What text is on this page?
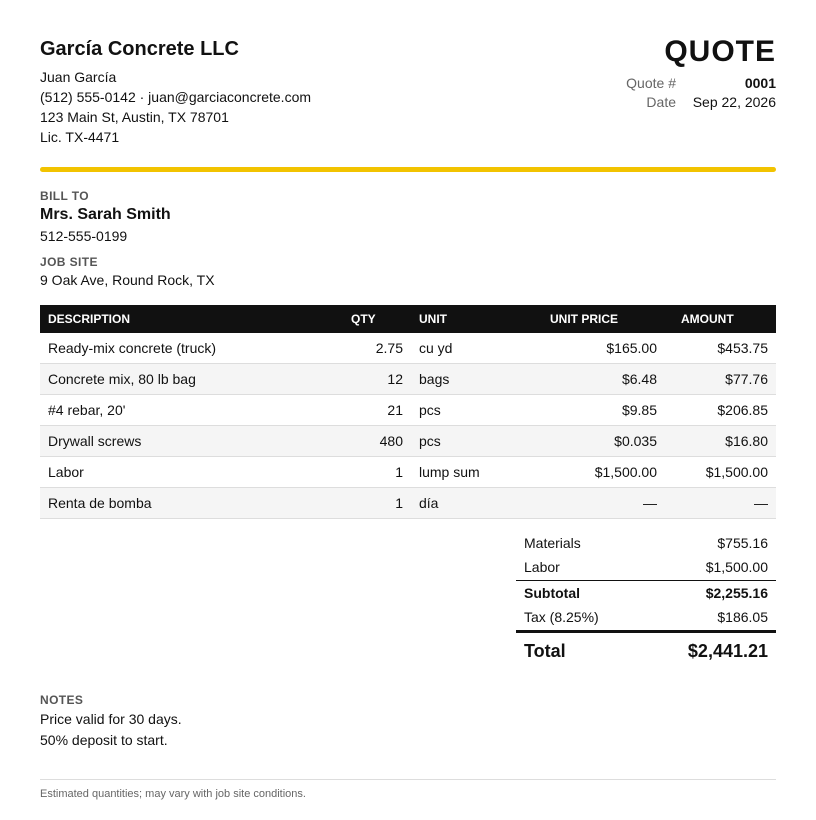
García Concrete LLC
Juan García
(512) 555-0142 · juan@garciaconcrete.com
123 Main St, Austin, TX 78701
Lic. TX-4471
QUOTE
Quote #	0001
Date	Sep 22, 2026
BILL TO
Mrs. Sarah Smith
512-555-0199
JOB SITE
9 Oak Ave, Round Rock, TX
DESCRIPTION	QTY	UNIT	UNIT PRICE	AMOUNT
Ready-mix concrete (truck)	2.75	cu yd	$165.00	$453.75
Concrete mix, 80 lb bag	12	bags	$6.48	$77.76
#4 rebar, 20'	21	pcs	$9.85	$206.85
Drywall screws	480	pcs	$0.035	$16.80
Labor	1	lump sum	$1,500.00	$1,500.00
Renta de bomba	1	día	—	—
Materials	$755.16
Labor	$1,500.00
Subtotal	$2,255.16
Tax (8.25%)	$186.05
Total	$2,441.21
NOTES
Price valid for 30 days.
50% deposit to start.
Estimated quantities; may vary with job site conditions.
